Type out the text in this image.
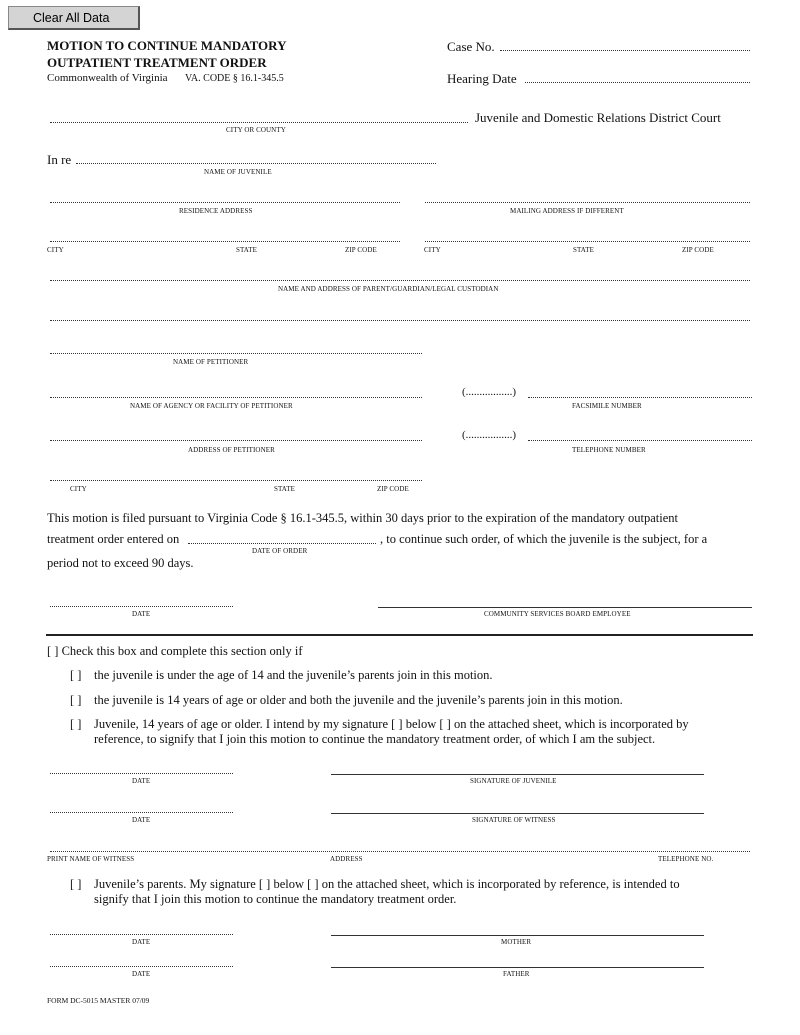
Clear All Data
MOTION TO CONTINUE MANDATORY
OUTPATIENT TREATMENT ORDER
Commonwealth of Virginia VA. CODE § 16.1-345.5
Case No.
Hearing Date
Juvenile and Domestic Relations District Court
CITY OR COUNTY
In re
NAME OF JUVENILE
RESIDENCE ADDRESS	MAILING ADDRESS IF DIFFERENT
CITY	STATE	ZIP CODE	CITY	STATE	ZIP CODE
NAME AND ADDRESS OF PARENT/GUARDIAN/LEGAL CUSTODIAN
NAME OF PETITIONER
(.................)
NAME OF AGENCY OR FACILITY OF PETITIONER	FACSIMILE NUMBER
(.................)
ADDRESS OF PETITIONER	TELEPHONE NUMBER
CITY	STATE	ZIP CODE
This motion is filed pursuant to Virginia Code § 16.1-345.5, within 30 days prior to the expiration of the mandatory outpatient
treatment order entered on	, to continue such order, of which the juvenile is the subject, for a
DATE OF ORDER
period not to exceed 90 days.
DATE	COMMUNITY SERVICES BOARD EMPLOYEE
[ ] Check this box and complete this section only if
[ ] the juvenile is under the age of 14 and the juvenile’s parents join in this motion.
[ ] the juvenile is 14 years of age or older and both the juvenile and the juvenile’s parents join in this motion.
[ ] Juvenile, 14 years of age or older. I intend by my signature [ ] below [ ] on the attached sheet, which is incorporated by
reference, to signify that I join this motion to continue the mandatory treatment order, of which I am the subject.
DATE	SIGNATURE OF JUVENILE
DATE	SIGNATURE OF WITNESS
PRINT NAME OF WITNESS	ADDRESS	TELEPHONE NO.
[ ] Juvenile’s parents. My signature [ ] below [ ] on the attached sheet, which is incorporated by reference, is intended to
signify that I join this motion to continue the mandatory treatment order.
DATE	MOTHER
DATE	FATHER
FORM DC-5015 MASTER 07/09
